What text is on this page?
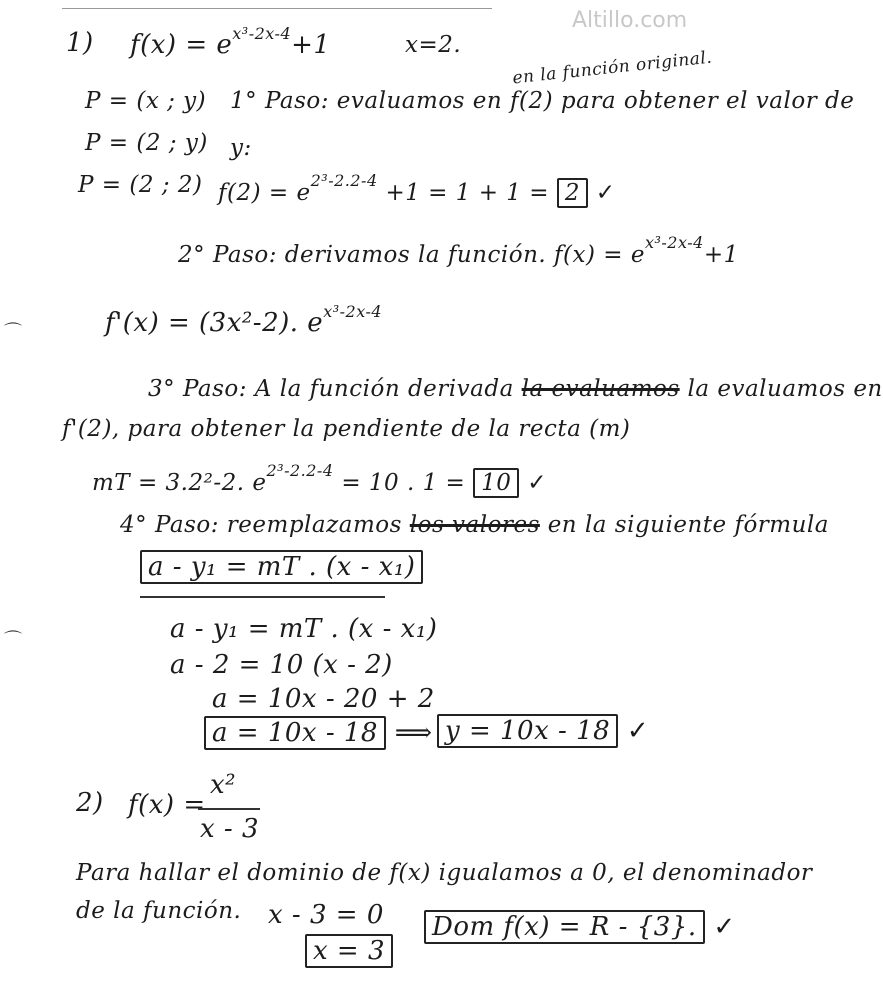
Altillo.com
1) $f(x) = e^{x^3-2x-4}+1$	x=2.
en la función original.
P = (x ; y) 1° Paso: evaluamos en f(2) para obtener el valor de
P = (2 ; y) y:
P = (2 ; 2) $f(2) = e^{2^3-2.2-4} +1 = 1 + 1 = 2$ ✓
2° Paso: derivamos la función. $f(x) = e^{x^3-2x-4}+1$
⌒	f'(x) = (3x²-2). $e^{x^3-2x-4}$
3° Paso: A la función derivada la evaluamos la evaluamos en
f'(2), para obtener la pendiente de la recta (m)
mT = 3.2²-2. $e^{2^3-2.2-4} = 10$ . 1 = 10 ✓
4° Paso: reemplazamos los valores en la siguiente fórmula
a - y₁ = mT . (x - x₁)
⌒	a - y₁ = mT . (x - x₁)
a - 2 = 10 (x - 2)
a = 10x - 20 + 2
a = 10x - 18 ⟹ y = 10x - 18 ✓
2) f(x) =
x²
x - 3
Para hallar el dominio de f(x) igualamos a 0, el denominador
de la función. x - 3 = 0
x = 3
Dom f(x) = R - {3}. ✓
